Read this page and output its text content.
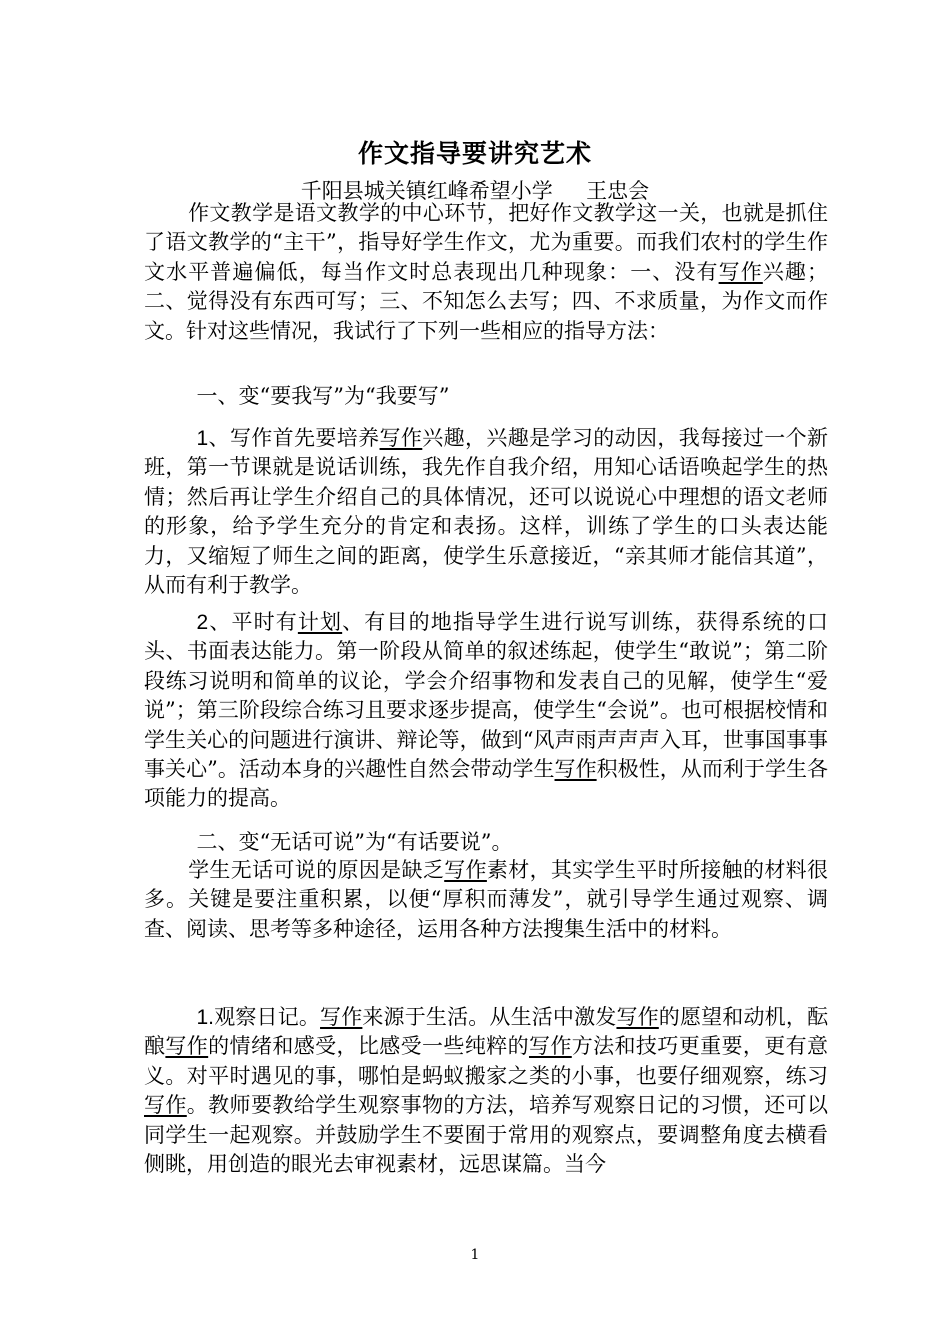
作文指导要讲究艺术
千阳县城关镇红峰希望小学     王忠会

作文教学是语文教学的中心环节，把好作文教学这一关，也就是抓住了语文教学的“主干”，指导好学生作文，尤为重要。而我们农村的学生作文水平普遍偏低，每当作文时总表现出几种现象：一、没有写作兴趣；二、觉得没有东西可写；三、不知怎么去写；四、不求质量，为作文而作文。针对这些情况，我试行了下列一些相应的指导方法：

一、变“要我写”为“我要写”

1、写作首先要培养写作兴趣，兴趣是学习的动因，我每接过一个新班，第一节课就是说话训练，我先作自我介绍，用知心话语唤起学生的热情；然后再让学生介绍自己的具体情况，还可以说说心中理想的语文老师的形象，给予学生充分的肯定和表扬。这样，训练了学生的口头表达能力，又缩短了师生之间的距离，使学生乐意接近，“亲其师才能信其道”，从而有利于教学。

2、平时有计划、有目的地指导学生进行说写训练，获得系统的口头、书面表达能力。第一阶段从简单的叙述练起，使学生“敢说”；第二阶段练习说明和简单的议论，学会介绍事物和发表自己的见解，使学生“爱说”；第三阶段综合练习且要求逐步提高，使学生“会说”。也可根据校情和学生关心的问题进行演讲、辩论等，做到“风声雨声声声入耳，世事国事事事关心”。活动本身的兴趣性自然会带动学生写作积极性，从而利于学生各项能力的提高。

二、变“无话可说”为“有话要说”。

学生无话可说的原因是缺乏写作素材，其实学生平时所接触的材料很多。关键是要注重积累，以便“厚积而薄发”，就引导学生通过观察、调查、阅读、思考等多种途径，运用各种方法搜集生活中的材料。

1.观察日记。写作来源于生活。从生活中激发写作的愿望和动机，酝酿写作的情绪和感受，比感受一些纯粹的写作方法和技巧更重要，更有意义。对平时遇见的事，哪怕是蚂蚁搬家之类的小事，也要仔细观察，练习写作。教师要教给学生观察事物的方法，培养写观察日记的习惯，还可以同学生一起观察。并鼓励学生不要囿于常用的观察点，要调整角度去横看侧眺，用创造的眼光去审视素材，远思谋篇。当今

1
